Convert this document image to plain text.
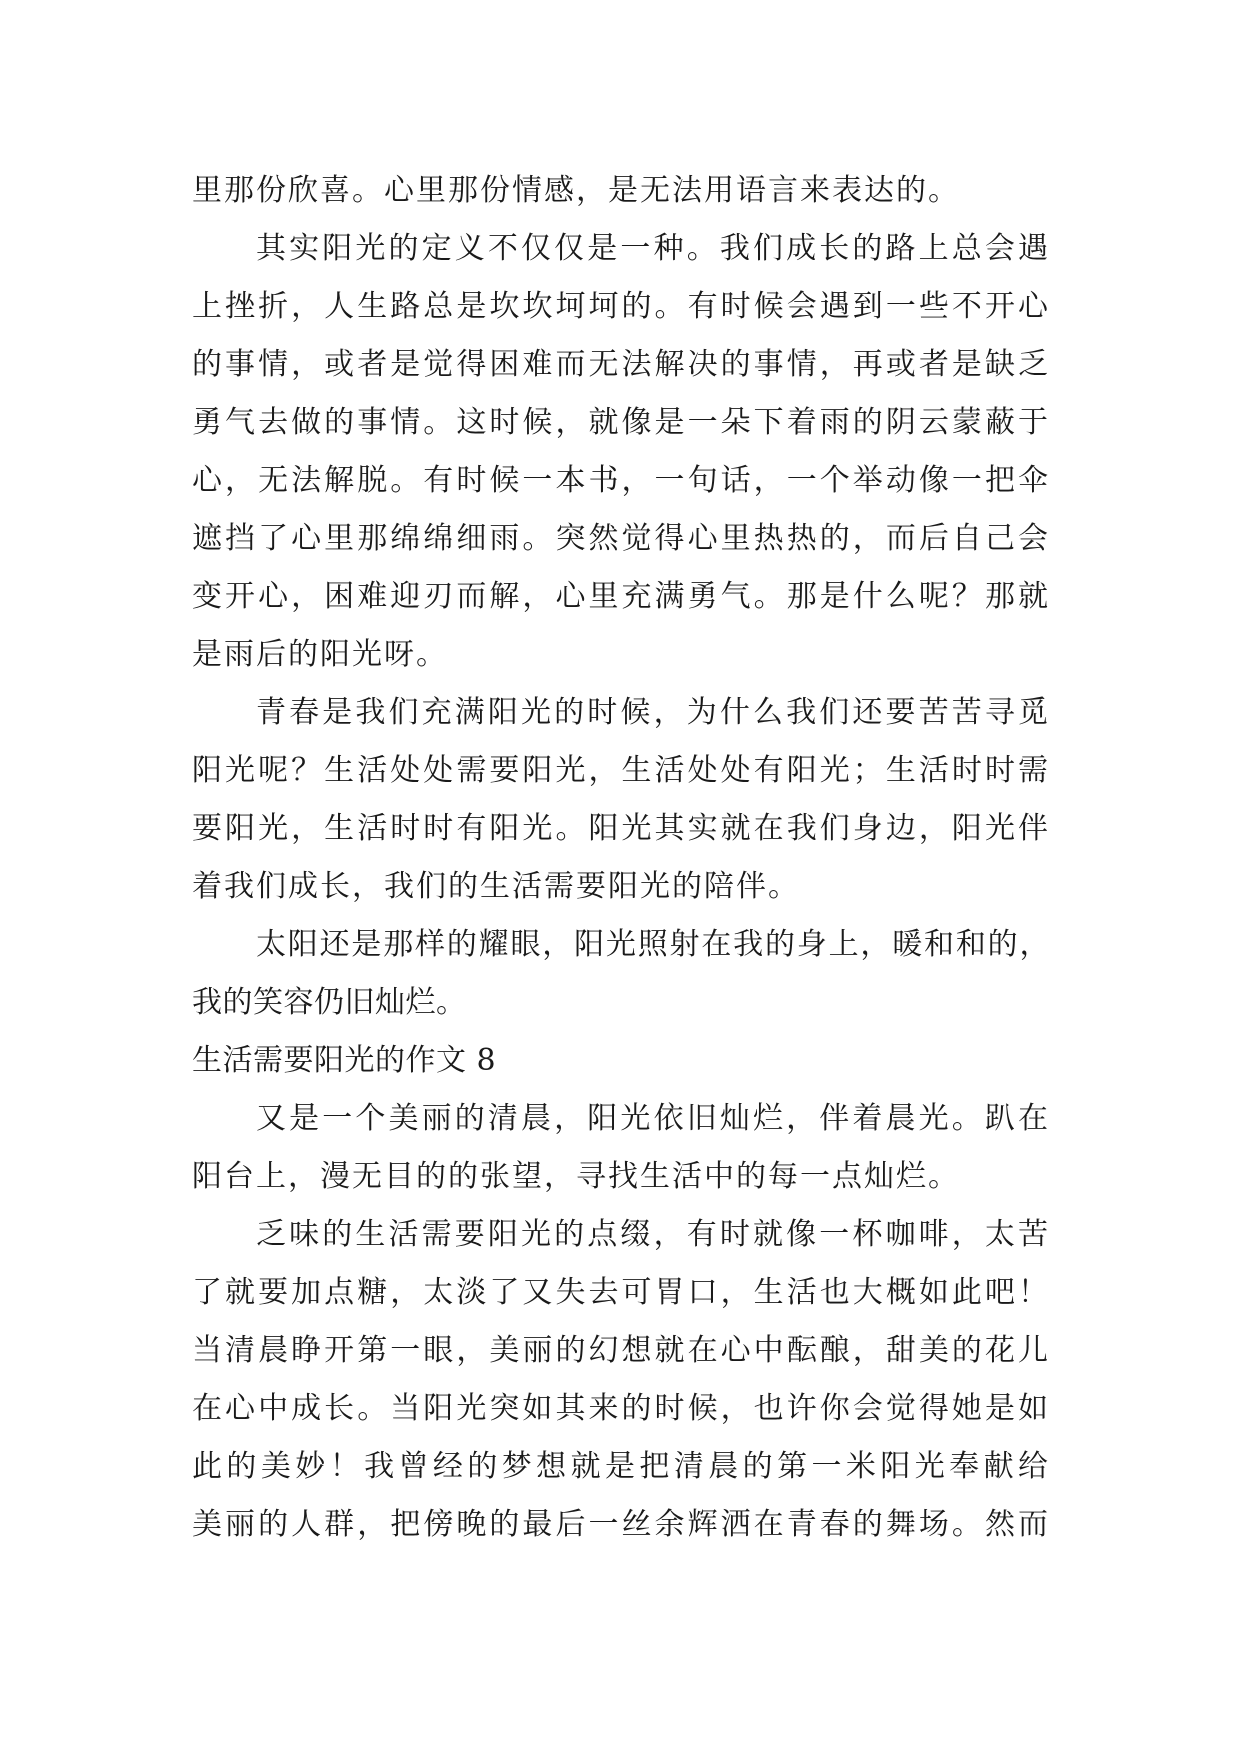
里那份欣喜。心里那份情感，是无法用语言来表达的。
其实阳光的定义不仅仅是一种。我们成长的路上总会遇
上挫折，人生路总是坎坎坷坷的。有时候会遇到一些不开心
的事情，或者是觉得困难而无法解决的事情，再或者是缺乏
勇气去做的事情。这时候，就像是一朵下着雨的阴云蒙蔽于
心，无法解脱。有时候一本书，一句话，一个举动像一把伞
遮挡了心里那绵绵细雨。突然觉得心里热热的，而后自己会
变开心，困难迎刃而解，心里充满勇气。那是什么呢？那就
是雨后的阳光呀。
青春是我们充满阳光的时候，为什么我们还要苦苦寻觅
阳光呢？生活处处需要阳光，生活处处有阳光；生活时时需
要阳光，生活时时有阳光。阳光其实就在我们身边，阳光伴
着我们成长，我们的生活需要阳光的陪伴。
太阳还是那样的耀眼，阳光照射在我的身上，暖和和的，
我的笑容仍旧灿烂。
生活需要阳光的作文 8
又是一个美丽的清晨，阳光依旧灿烂，伴着晨光。趴在
阳台上，漫无目的的张望，寻找生活中的每一点灿烂。
乏味的生活需要阳光的点缀，有时就像一杯咖啡，太苦
了就要加点糖，太淡了又失去可胃口，生活也大概如此吧！
当清晨睁开第一眼，美丽的幻想就在心中酝酿，甜美的花儿
在心中成长。当阳光突如其来的时候，也许你会觉得她是如
此的美妙！我曾经的梦想就是把清晨的第一米阳光奉献给
美丽的人群，把傍晚的最后一丝余辉洒在青春的舞场。然而
